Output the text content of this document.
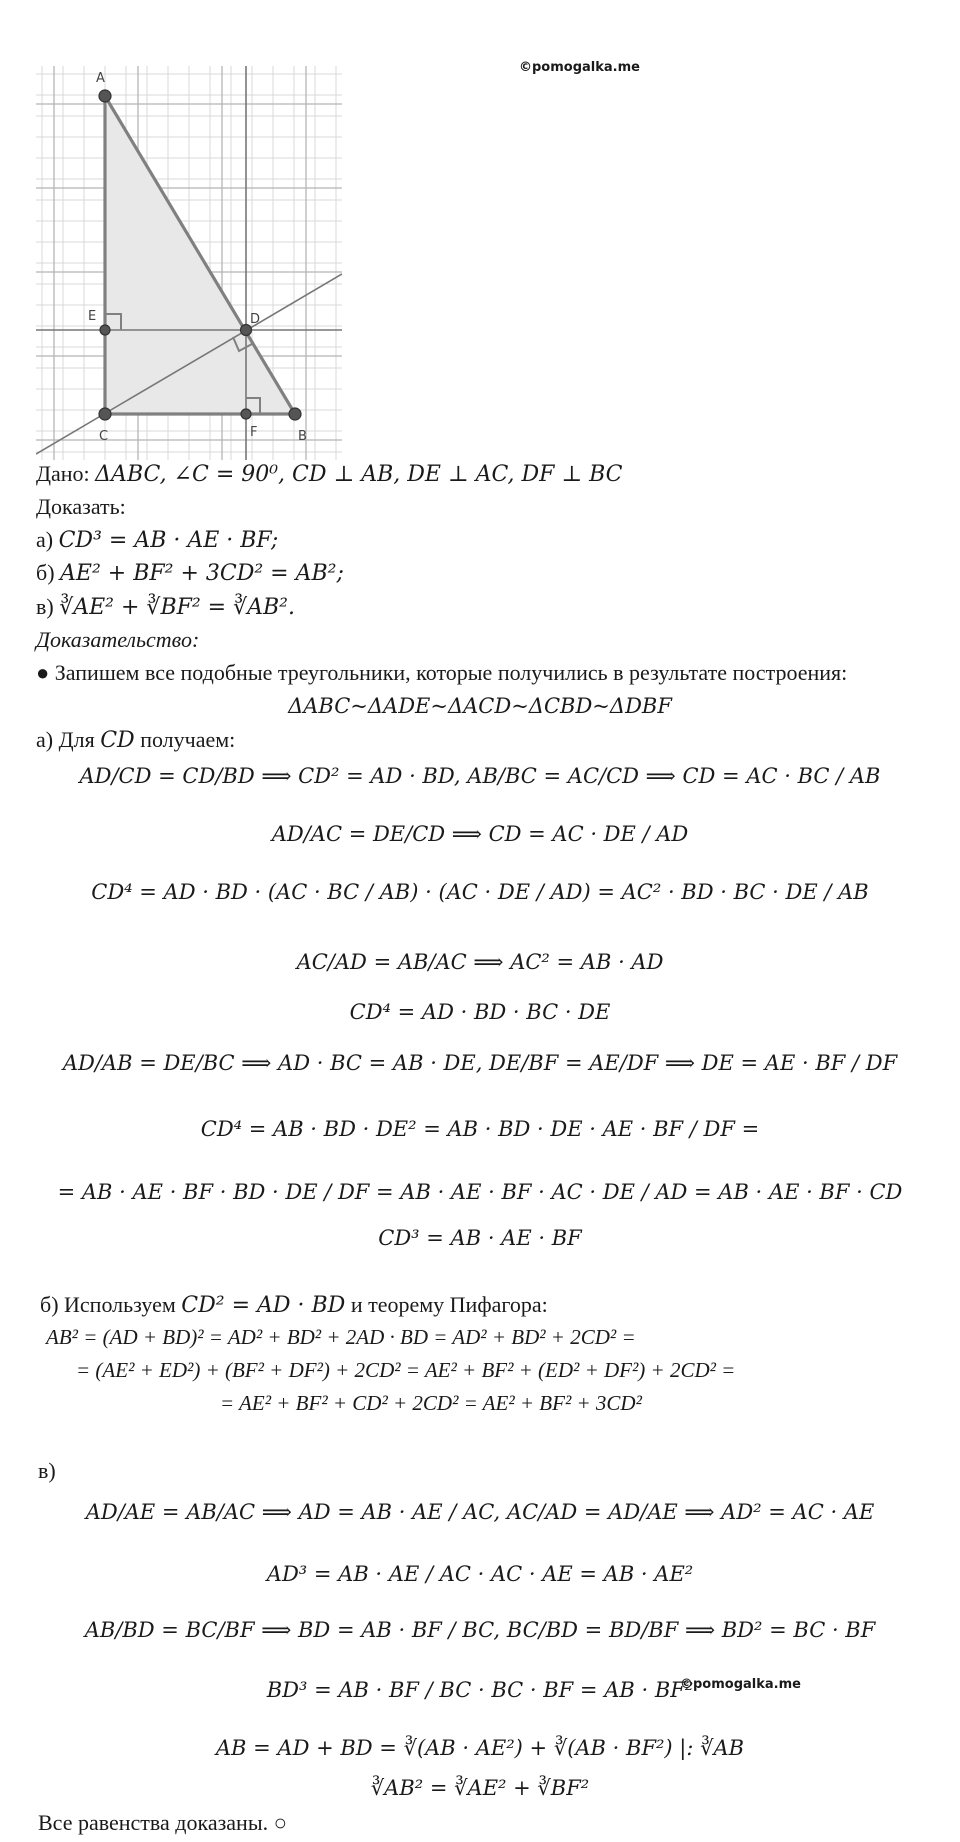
©pomogalka.me
©pomogalka.me
A
B
C
D
E
F
Дано: ΔABC, ∠C = 90⁰, CD ⊥ AB, DE ⊥ AC, DF ⊥ BC
Доказать:
а) CD³ = AB · AE · BF;
б) AE² + BF² + 3CD² = AB²;
в) ∛AE² + ∛BF² = ∛AB².
Доказательство:
● Запишем все подобные треугольники, которые получились в результате построения:
ΔABC~ΔADE~ΔACD~ΔCBD~ΔDBF
а) Для CD получаем:
AD/CD = CD/BD ⟹ CD² = AD · BD, AB/BC = AC/CD ⟹ CD = AC · BC / AB
AD/AC = DE/CD ⟹ CD = AC · DE / AD
CD⁴ = AD · BD · (AC · BC / AB) · (AC · DE / AD) = AC² · BD · BC · DE / AB
AC/AD = AB/AC ⟹ AC² = AB · AD
CD⁴ = AD · BD · BC · DE
AD/AB = DE/BC ⟹ AD · BC = AB · DE, DE/BF = AE/DF ⟹ DE = AE · BF / DF
CD⁴ = AB · BD · DE² = AB · BD · DE · AE · BF / DF =
= AB · AE · BF · BD · DE / DF = AB · AE · BF · AC · DE / AD = AB · AE · BF · CD
CD³ = AB · AE · BF
б) Используем CD² = AD · BD и теорему Пифагора:
AB² = (AD + BD)² = AD² + BD² + 2AD · BD = AD² + BD² + 2CD² =
= (AE² + ED²) + (BF² + DF²) + 2CD² = AE² + BF² + (ED² + DF²) + 2CD² =
= AE² + BF² + CD² + 2CD² = AE² + BF² + 3CD²
в)
AD/AE = AB/AC ⟹ AD = AB · AE / AC, AC/AD = AD/AE ⟹ AD² = AC · AE
AD³ = AB · AE / AC · AC · AE = AB · AE²
AB/BD = BC/BF ⟹ BD = AB · BF / BC, BC/BD = BD/BF ⟹ BD² = BC · BF
BD³ = AB · BF / BC · BC · BF = AB · BF²
AB = AD + BD = ∛(AB · AE²) + ∛(AB · BF²) |: ∛AB
∛AB² = ∛AE² + ∛BF²
Все равенства доказаны. ○
